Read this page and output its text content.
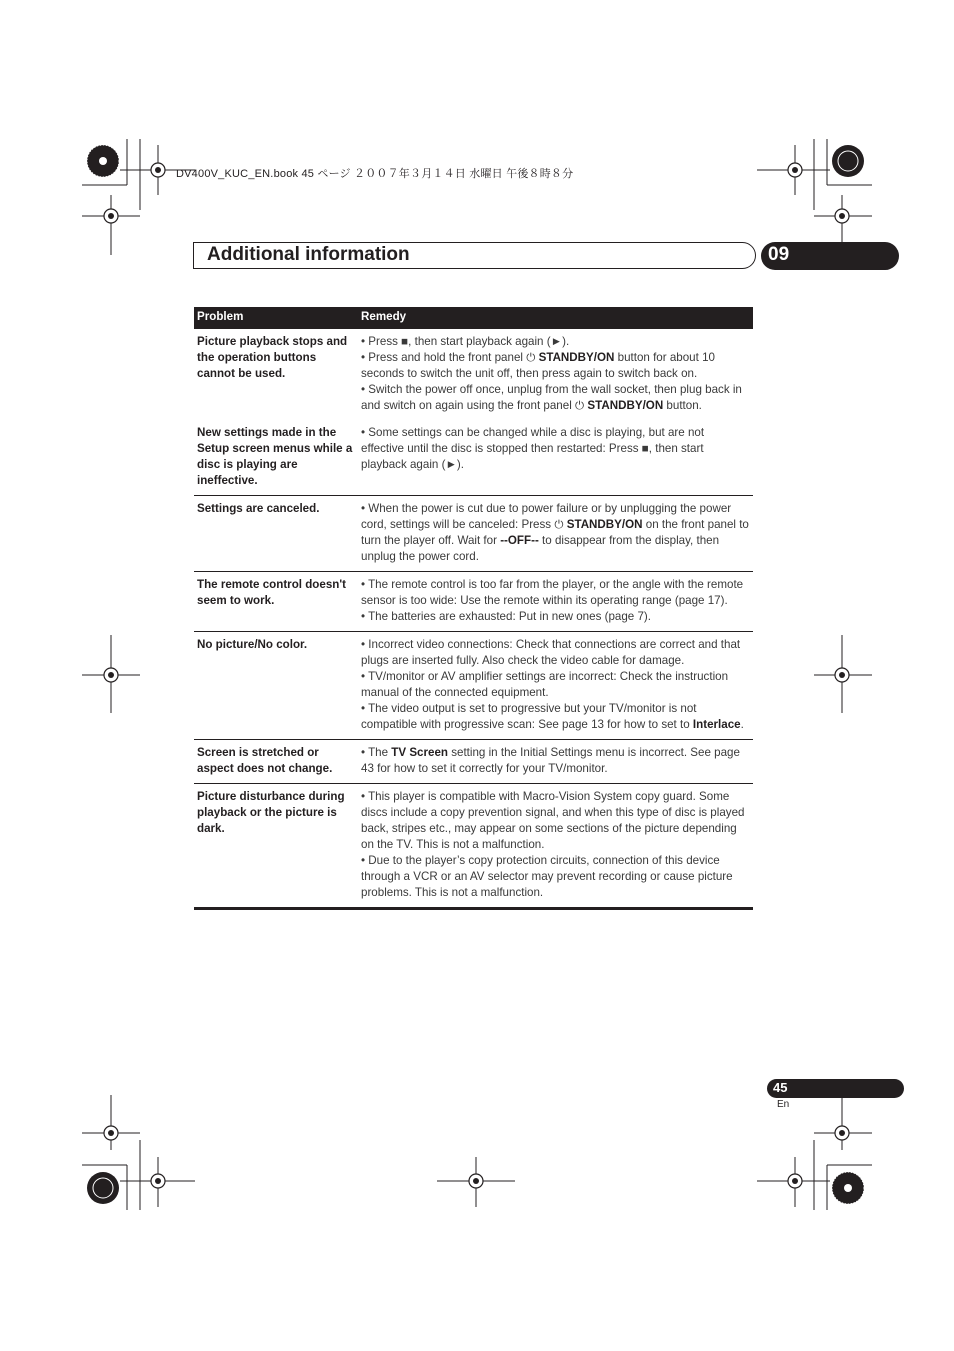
DV400V_KUC_EN.book 45 ページ ２００７年３月１４日 水曜日 午後８時８分
Additional information	09
Problem	Remedy
Picture playback stops and the operation buttons cannot be used.	• Press ■, then start playback again (►).
• Press and hold the front panel ⏻ STANDBY/ON button for about 10 seconds to switch the unit off, then press again to switch back on.
• Switch the power off once, unplug from the wall socket, then plug back in and switch on again using the front panel ⏻ STANDBY/ON button.

New settings made in the Setup screen menus while a disc is playing are ineffective.	• Some settings can be changed while a disc is playing, but are not effective until the disc is stopped then restarted: Press ■, then start playback again (►).

Settings are canceled.	• When the power is cut due to power failure or by unplugging the power cord, settings will be canceled: Press ⏻ STANDBY/ON on the front panel to turn the player off. Wait for --OFF-- to disappear from the display, then unplug the power cord.

The remote control doesn't seem to work.	• The remote control is too far from the player, or the angle with the remote sensor is too wide: Use the remote within its operating range (page 17).
• The batteries are exhausted: Put in new ones (page 7).

No picture/No color.	• Incorrect video connections: Check that connections are correct and that plugs are inserted fully. Also check the video cable for damage.
• TV/monitor or AV amplifier settings are incorrect: Check the instruction manual of the connected equipment.
• The video output is set to progressive but your TV/monitor is not compatible with progressive scan: See page 13 for how to set to Interlace.

Screen is stretched or aspect does not change.	• The TV Screen setting in the Initial Settings menu is incorrect. See page 43 for how to set it correctly for your TV/monitor.

Picture disturbance during playback or the picture is dark.	• This player is compatible with Macro-Vision System copy guard. Some discs include a copy prevention signal, and when this type of disc is played back, stripes etc., may appear on some sections of the picture depending on the TV. This is not a malfunction.
• Due to the player’s copy protection circuits, connection of this device through a VCR or an AV selector may prevent recording or cause picture problems. This is not a malfunction.
45
En
